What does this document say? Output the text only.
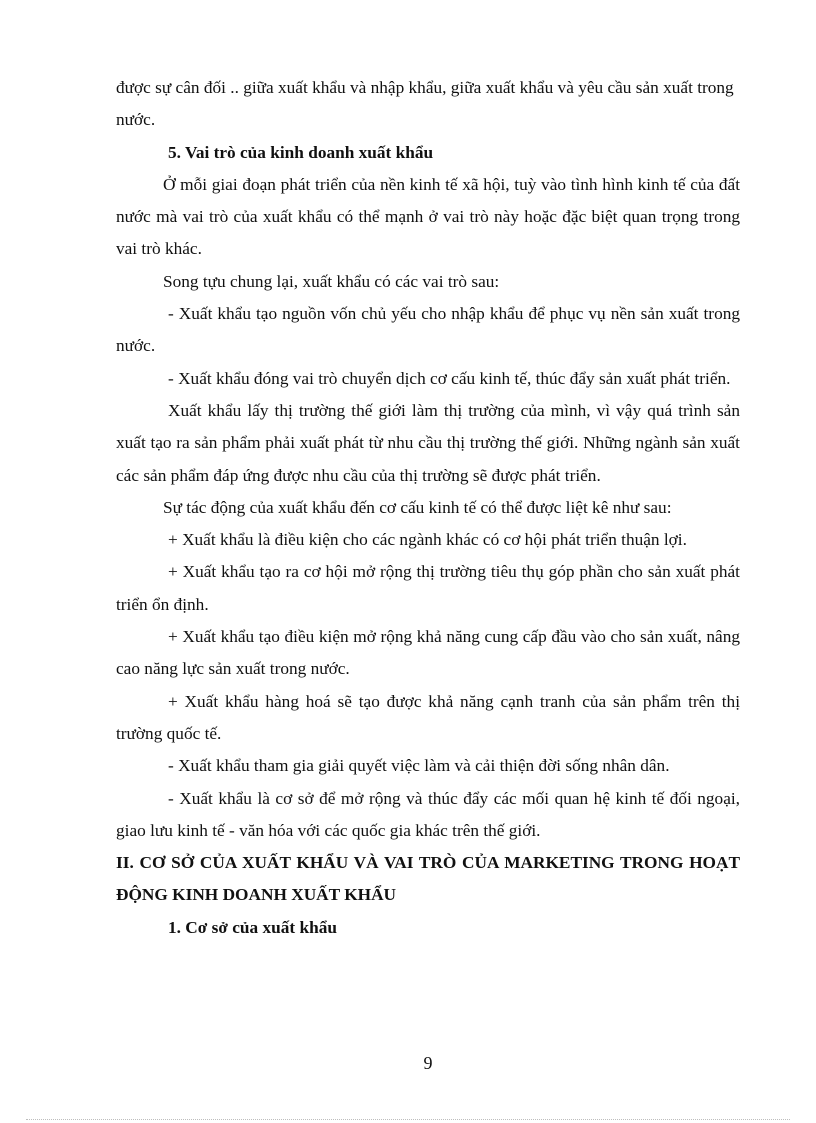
được sự cân đối .. giữa xuất khẩu và nhập khẩu, giữa xuất khẩu và yêu cầu sản xuất trong nước.

5. Vai trò của kinh doanh xuất khẩu

Ở mỗi giai đoạn phát triển của nền kinh tế xã hội, tuỳ vào tình hình kinh tế của đất nước mà vai trò của xuất khẩu có thể mạnh ở vai trò này hoặc đặc biệt quan trọng trong vai trò khác.

Song tựu chung lại, xuất khẩu có các vai trò sau:

- Xuất khẩu tạo nguồn vốn chủ yếu cho nhập khẩu để phục vụ nền sản xuất trong nước.

- Xuất khẩu đóng vai trò chuyển dịch cơ cấu kinh tế, thúc đẩy sản xuất phát triển.

Xuất khẩu lấy thị trường thế giới làm thị trường của mình, vì vậy quá trình sản xuất tạo ra sản phẩm phải xuất phát từ nhu cầu thị trường thế giới. Những ngành sản xuất các sản phẩm đáp ứng được nhu cầu của thị trường sẽ được phát triển.

Sự tác động của xuất khẩu đến cơ cấu kinh tế có thể được liệt kê như sau:

+ Xuất khẩu là điều kiện cho các ngành khác có cơ hội phát triển thuận lợi.

+ Xuất khẩu tạo ra cơ hội mở rộng thị trường tiêu thụ góp phần cho sản xuất phát triển ổn định.

+ Xuất khẩu tạo điều kiện mở rộng khả năng cung cấp đầu vào cho sản xuất, nâng cao năng lực sản xuất trong nước.

+ Xuất khẩu hàng hoá sẽ tạo được khả năng cạnh tranh của sản phẩm trên thị trường quốc tế.

- Xuất khẩu tham gia giải quyết việc làm và cải thiện đời sống nhân dân.

- Xuất khẩu là cơ sở để mở rộng và thúc đẩy các mối quan hệ kinh tế đối ngoại, giao lưu kinh tế - văn hóa với các quốc gia khác trên thế giới.

II. CƠ SỞ CỦA XUẤT KHẨU VÀ VAI TRÒ CỦA MARKETING TRONG HOẠT ĐỘNG KINH DOANH XUẤT KHẨU

1. Cơ sở của xuất khẩu

9
